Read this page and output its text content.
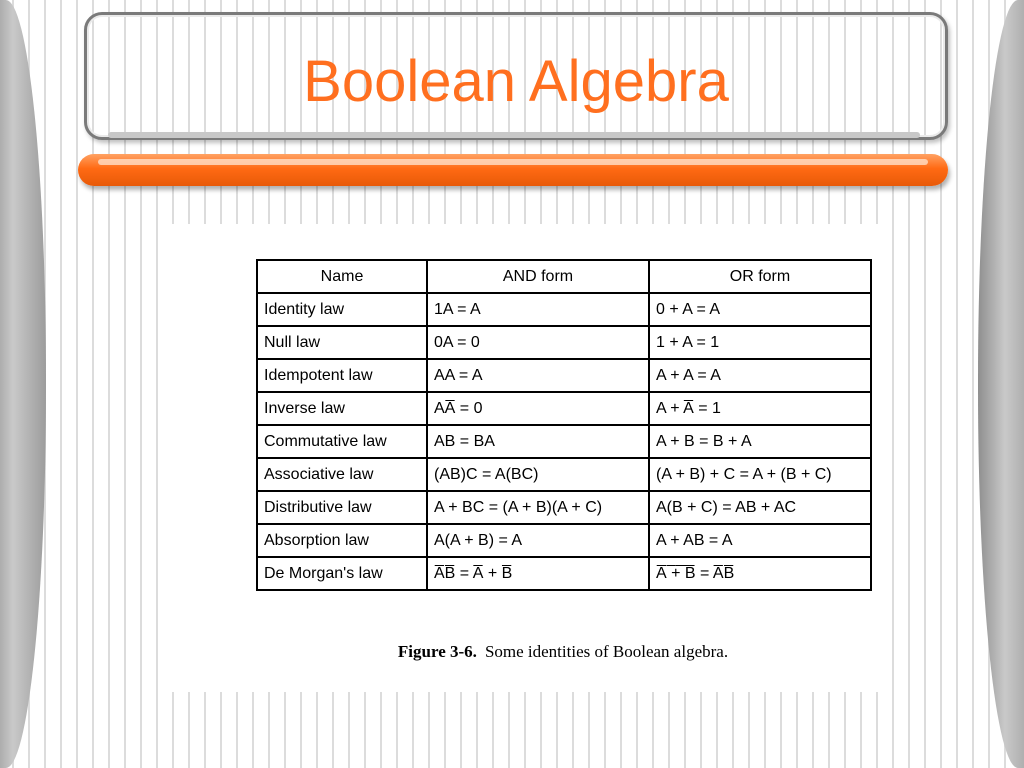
Boolean Algebra
Name	AND form	OR form
Identity law	1A = A	0 + A = A
Null law	0A = 0	1 + A = 1
Idempotent law	AA = A	A + A = A
Inverse law	AA̅ = 0	A + A̅ = 1
Commutative law	AB = BA	A + B = B + A
Associative law	(AB)C = A(BC)	(A + B) + C = A + (B + C)
Distributive law	A + BC = (A + B)(A + C)	A(B + C) = AB + AC
Absorption law	A(A + B) = A	A + AB = A
De Morgan's law	A̅B̅ = A̅ + B̅	A̅ ̅+̅ ̅B̅ = A̅B̅
Figure 3-6. Some identities of Boolean algebra.
